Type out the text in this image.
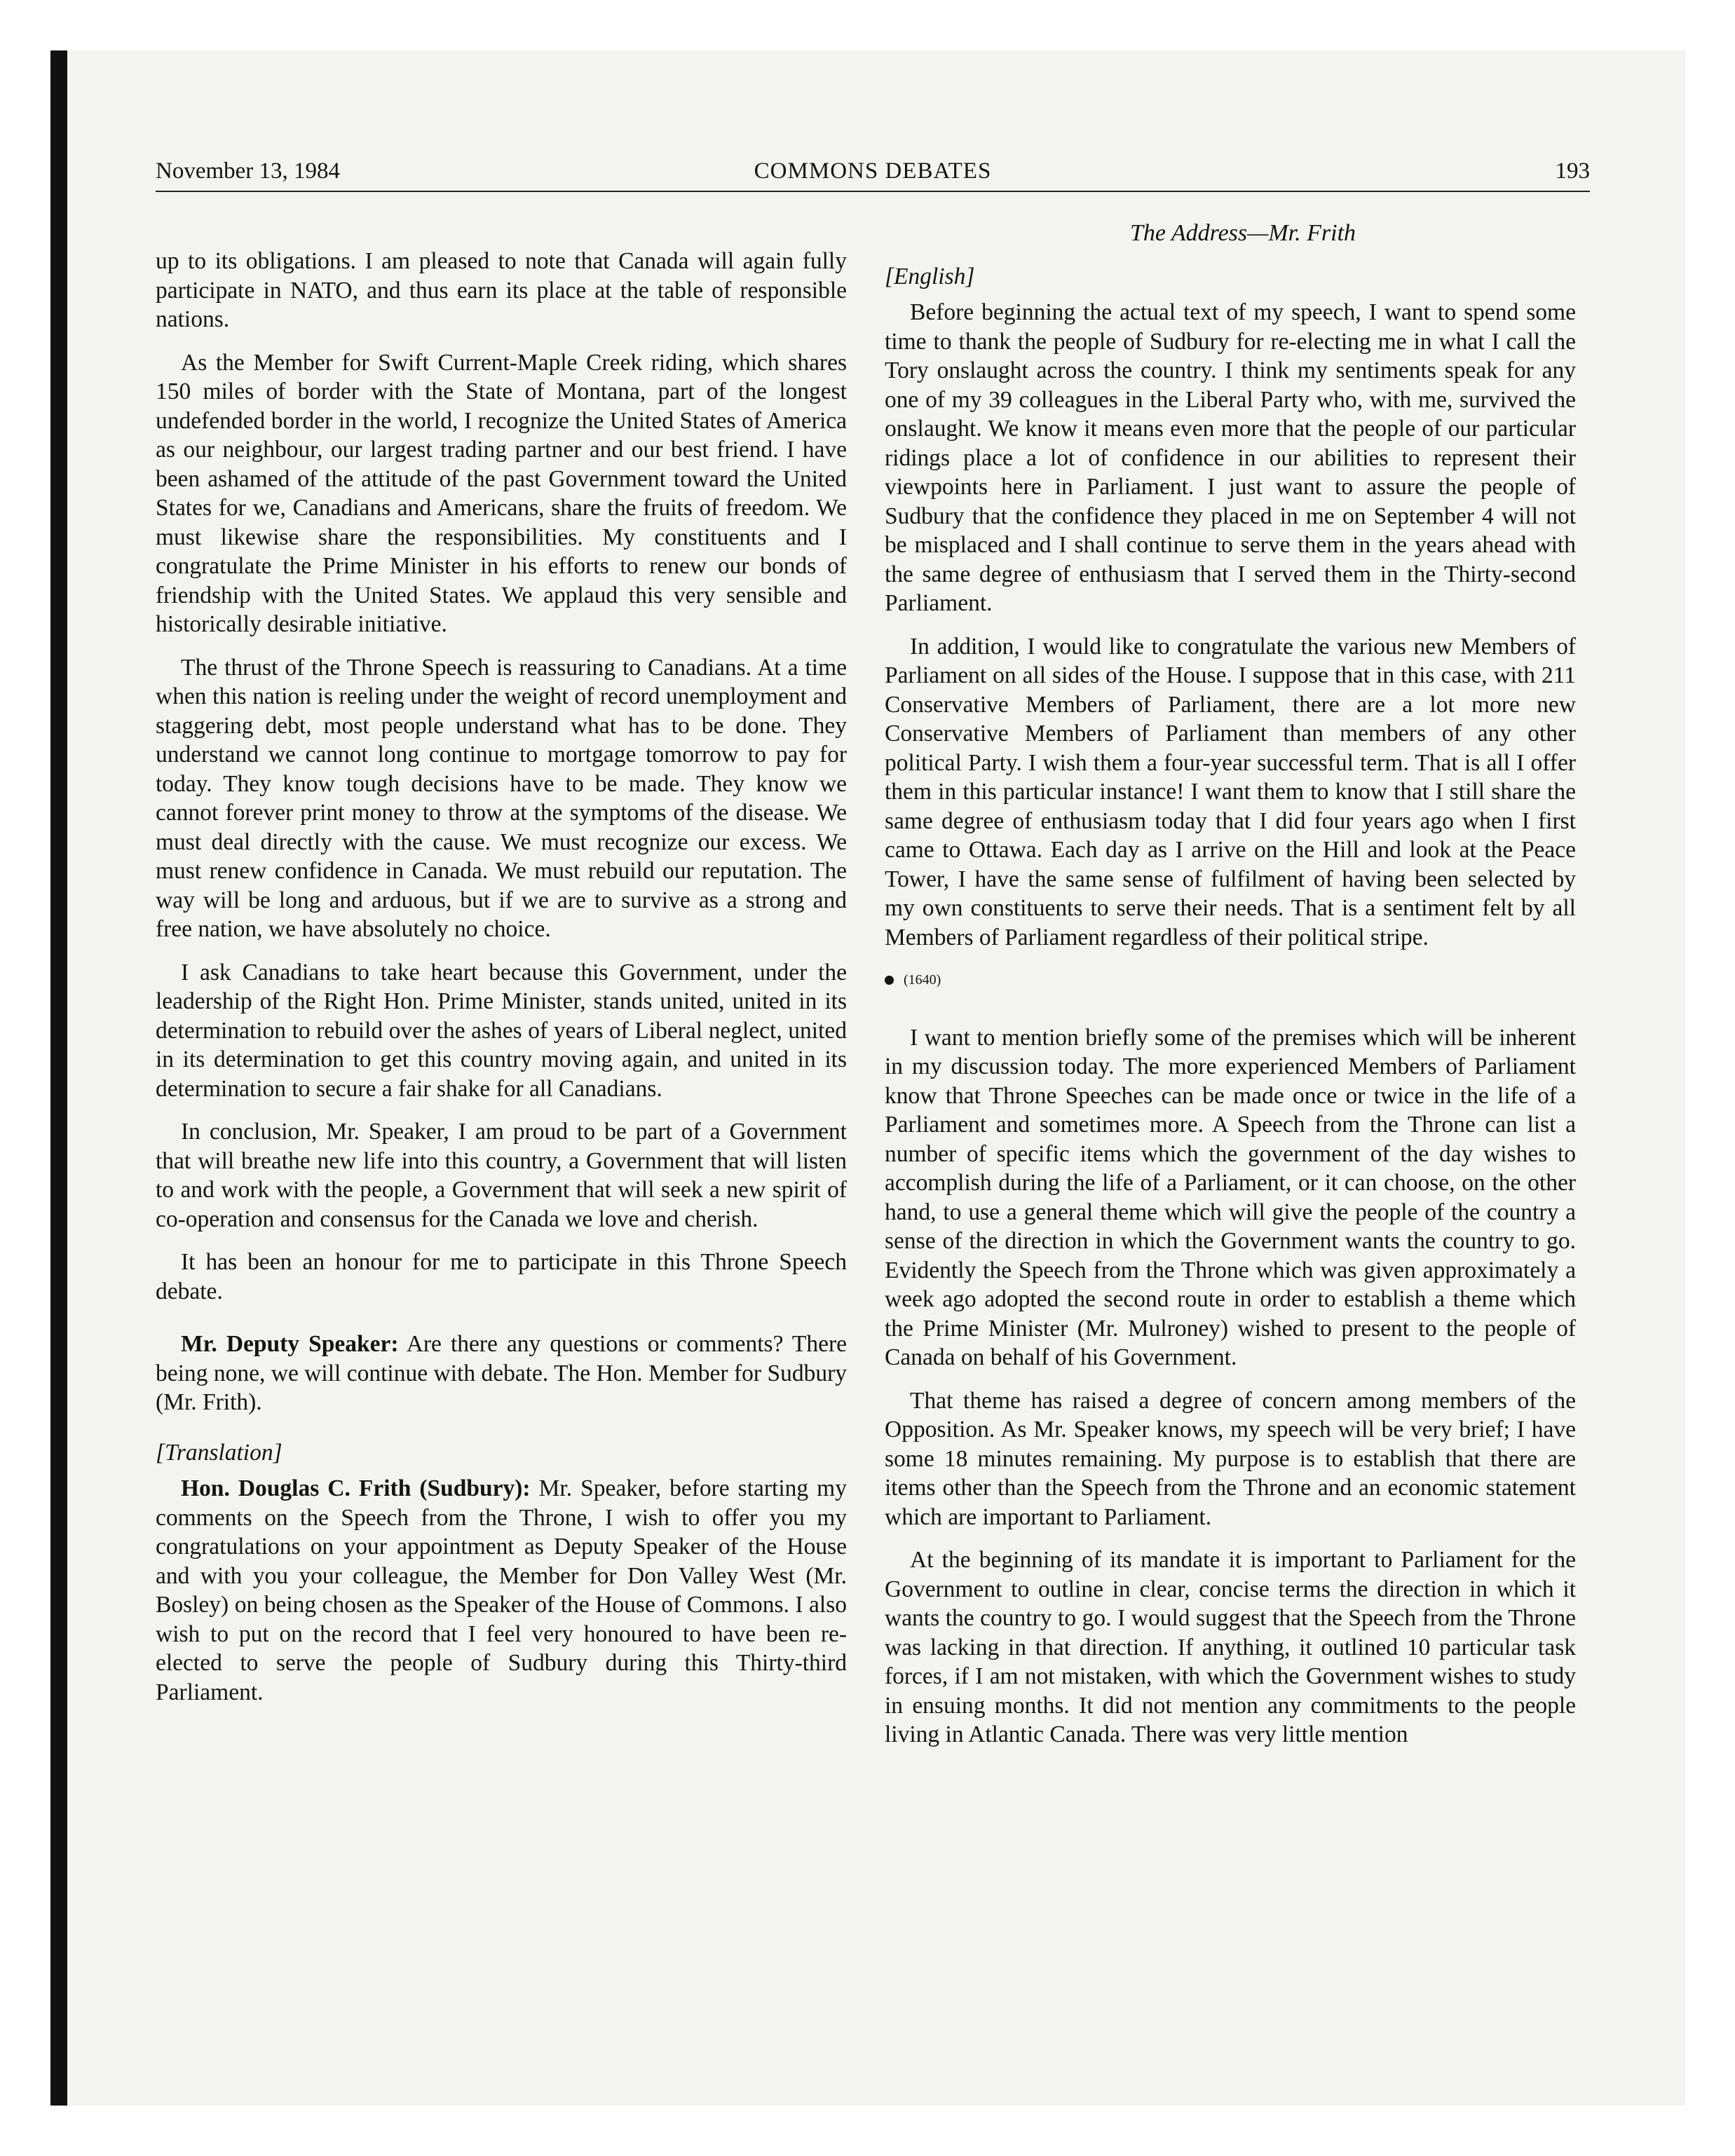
November 13, 1984	COMMONS DEBATES	193

up to its obligations. I am pleased to note that Canada will again fully participate in NATO, and thus earn its place at the table of responsible nations.

As the Member for Swift Current-Maple Creek riding, which shares 150 miles of border with the State of Montana, part of the longest undefended border in the world, I recognize the United States of America as our neighbour, our largest trading partner and our best friend. I have been ashamed of the attitude of the past Government toward the United States for we, Canadians and Americans, share the fruits of freedom. We must likewise share the responsibilities. My constituents and I congratulate the Prime Minister in his efforts to renew our bonds of friendship with the United States. We applaud this very sensible and historically desirable initiative.

The thrust of the Throne Speech is reassuring to Canadians. At a time when this nation is reeling under the weight of record unemployment and staggering debt, most people understand what has to be done. They understand we cannot long continue to mortgage tomorrow to pay for today. They know tough decisions have to be made. They know we cannot forever print money to throw at the symptoms of the disease. We must deal directly with the cause. We must recognize our excess. We must renew confidence in Canada. We must rebuild our reputation. The way will be long and arduous, but if we are to survive as a strong and free nation, we have absolutely no choice.

I ask Canadians to take heart because this Government, under the leadership of the Right Hon. Prime Minister, stands united, united in its determination to rebuild over the ashes of years of Liberal neglect, united in its determination to get this country moving again, and united in its determination to secure a fair shake for all Canadians.

In conclusion, Mr. Speaker, I am proud to be part of a Government that will breathe new life into this country, a Government that will listen to and work with the people, a Government that will seek a new spirit of co-operation and consensus for the Canada we love and cherish.

It has been an honour for me to participate in this Throne Speech debate.

Mr. Deputy Speaker: Are there any questions or comments? There being none, we will continue with debate. The Hon. Member for Sudbury (Mr. Frith).

[Translation]

Hon. Douglas C. Frith (Sudbury): Mr. Speaker, before starting my comments on the Speech from the Throne, I wish to offer you my congratulations on your appointment as Deputy Speaker of the House and with you your colleague, the Member for Don Valley West (Mr. Bosley) on being chosen as the Speaker of the House of Commons. I also wish to put on the record that I feel very honoured to have been re-elected to serve the people of Sudbury during this Thirty-third Parliament.

The Address—Mr. Frith

[English]

Before beginning the actual text of my speech, I want to spend some time to thank the people of Sudbury for re-electing me in what I call the Tory onslaught across the country. I think my sentiments speak for any one of my 39 colleagues in the Liberal Party who, with me, survived the onslaught. We know it means even more that the people of our particular ridings place a lot of confidence in our abilities to represent their viewpoints here in Parliament. I just want to assure the people of Sudbury that the confidence they placed in me on September 4 will not be misplaced and I shall continue to serve them in the years ahead with the same degree of enthusiasm that I served them in the Thirty-second Parliament.

In addition, I would like to congratulate the various new Members of Parliament on all sides of the House. I suppose that in this case, with 211 Conservative Members of Parliament, there are a lot more new Conservative Members of Parliament than members of any other political Party. I wish them a four-year successful term. That is all I offer them in this particular instance! I want them to know that I still share the same degree of enthusiasm today that I did four years ago when I first came to Ottawa. Each day as I arrive on the Hill and look at the Peace Tower, I have the same sense of fulfilment of having been selected by my own constituents to serve their needs. That is a sentiment felt by all Members of Parliament regardless of their political stripe.

(1640)

I want to mention briefly some of the premises which will be inherent in my discussion today. The more experienced Members of Parliament know that Throne Speeches can be made once or twice in the life of a Parliament and sometimes more. A Speech from the Throne can list a number of specific items which the government of the day wishes to accomplish during the life of a Parliament, or it can choose, on the other hand, to use a general theme which will give the people of the country a sense of the direction in which the Government wants the country to go. Evidently the Speech from the Throne which was given approximately a week ago adopted the second route in order to establish a theme which the Prime Minister (Mr. Mulroney) wished to present to the people of Canada on behalf of his Government.

That theme has raised a degree of concern among members of the Opposition. As Mr. Speaker knows, my speech will be very brief; I have some 18 minutes remaining. My purpose is to establish that there are items other than the Speech from the Throne and an economic statement which are important to Parliament.

At the beginning of its mandate it is important to Parliament for the Government to outline in clear, concise terms the direction in which it wants the country to go. I would suggest that the Speech from the Throne was lacking in that direction. If anything, it outlined 10 particular task forces, if I am not mistaken, with which the Government wishes to study in ensuing months. It did not mention any commitments to the people living in Atlantic Canada. There was very little mention
